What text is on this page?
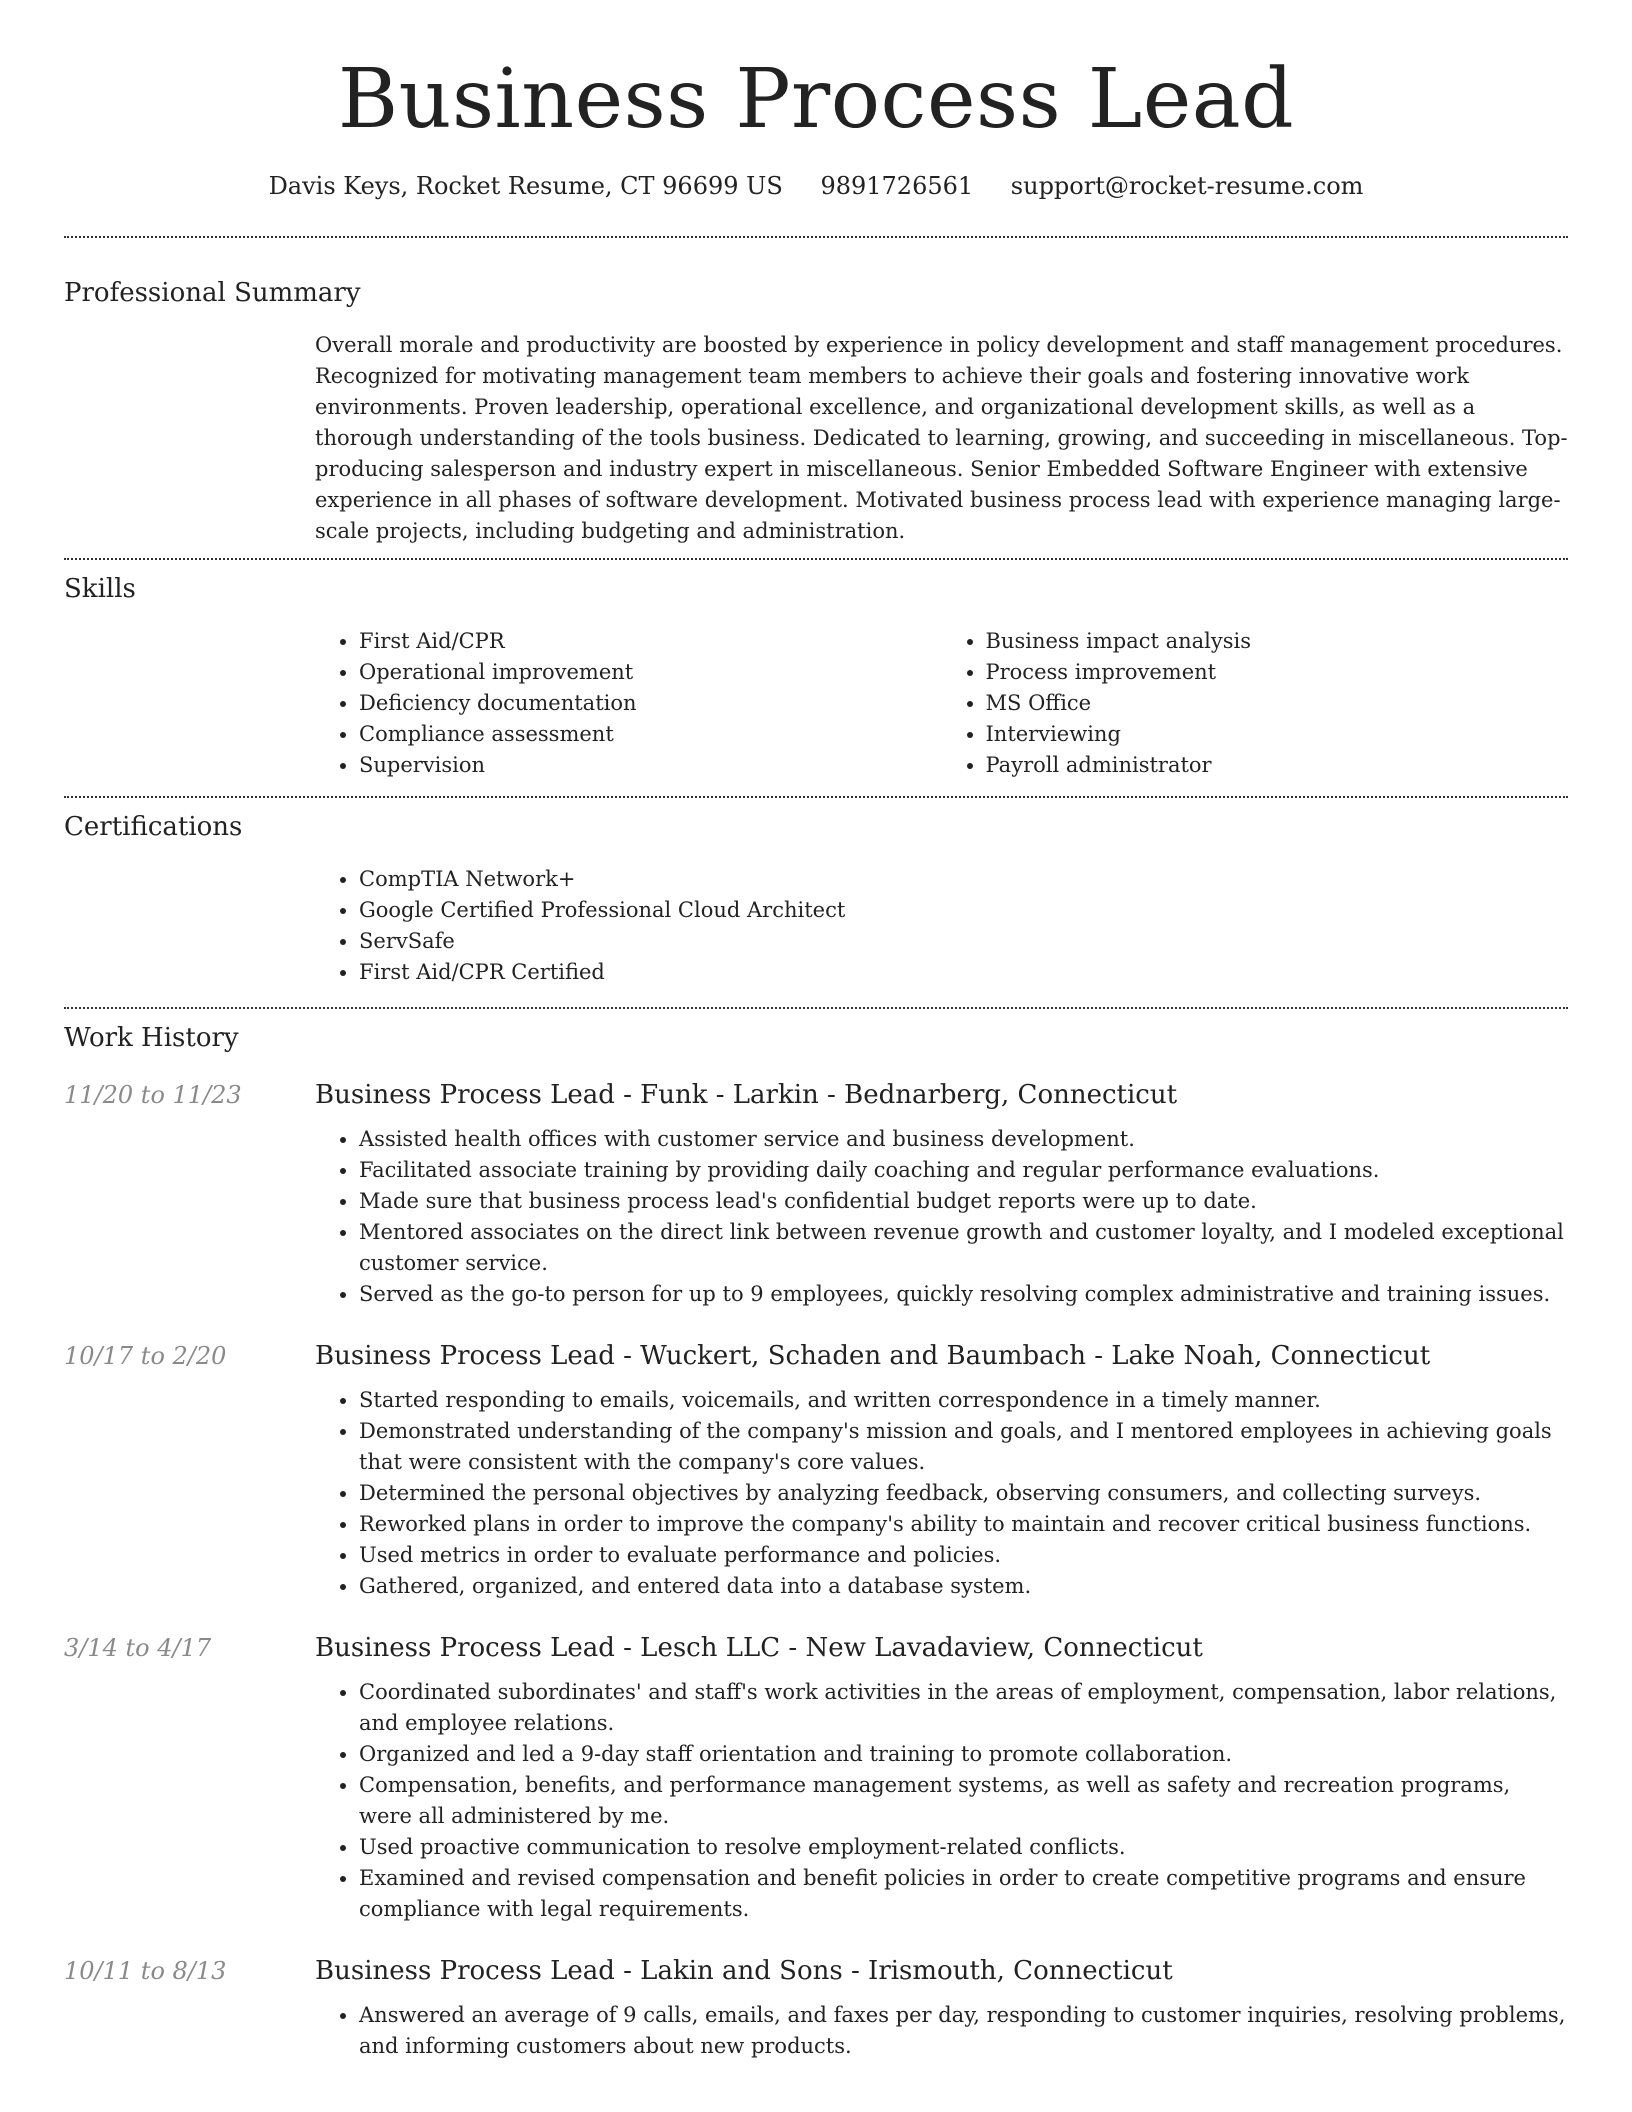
Business Process Lead
Davis Keys, Rocket Resume, CT 96699 US 9891726561 support@rocket-resume.com
Professional Summary

Overall morale and productivity are boosted by experience in policy development and staff management procedures. Recognized for motivating management team members to achieve their goals and fostering innovative work environments. Proven leadership, operational excellence, and organizational development skills, as well as a thorough understanding of the tools business. Dedicated to learning, growing, and succeeding in miscellaneous. Top-producing salesperson and industry expert in miscellaneous. Senior Embedded Software Engineer with extensive experience in all phases of software development. Motivated business process lead with experience managing large-scale projects, including budgeting and administration.

Skills
• First Aid/CPR
• Operational improvement
• Deficiency documentation
• Compliance assessment
• Supervision
• Business impact analysis
• Process improvement
• MS Office
• Interviewing
• Payroll administrator
Certifications
• CompTIA Network+
• Google Certified Professional Cloud Architect
• ServSafe
• First Aid/CPR Certified
Work History
11/20 to 11/23	Business Process Lead - Funk - Larkin - Bednarberg, Connecticut
• Assisted health offices with customer service and business development.
• Facilitated associate training by providing daily coaching and regular performance evaluations.
• Made sure that business process lead's confidential budget reports were up to date.
• Mentored associates on the direct link between revenue growth and customer loyalty, and I modeled exceptional customer service.
• Served as the go-to person for up to 9 employees, quickly resolving complex administrative and training issues.
10/17 to 2/20	Business Process Lead - Wuckert, Schaden and Baumbach - Lake Noah, Connecticut
• Started responding to emails, voicemails, and written correspondence in a timely manner.
• Demonstrated understanding of the company's mission and goals, and I mentored employees in achieving goals that were consistent with the company's core values.
• Determined the personal objectives by analyzing feedback, observing consumers, and collecting surveys.
• Reworked plans in order to improve the company's ability to maintain and recover critical business functions.
• Used metrics in order to evaluate performance and policies.
• Gathered, organized, and entered data into a database system.
3/14 to 4/17	Business Process Lead - Lesch LLC - New Lavadaview, Connecticut
• Coordinated subordinates' and staff's work activities in the areas of employment, compensation, labor relations, and employee relations.
• Organized and led a 9-day staff orientation and training to promote collaboration.
• Compensation, benefits, and performance management systems, as well as safety and recreation programs, were all administered by me.
• Used proactive communication to resolve employment-related conflicts.
• Examined and revised compensation and benefit policies in order to create competitive programs and ensure compliance with legal requirements.
10/11 to 8/13	Business Process Lead - Lakin and Sons - Irismouth, Connecticut
• Answered an average of 9 calls, emails, and faxes per day, responding to customer inquiries, resolving problems, and informing customers about new products.
